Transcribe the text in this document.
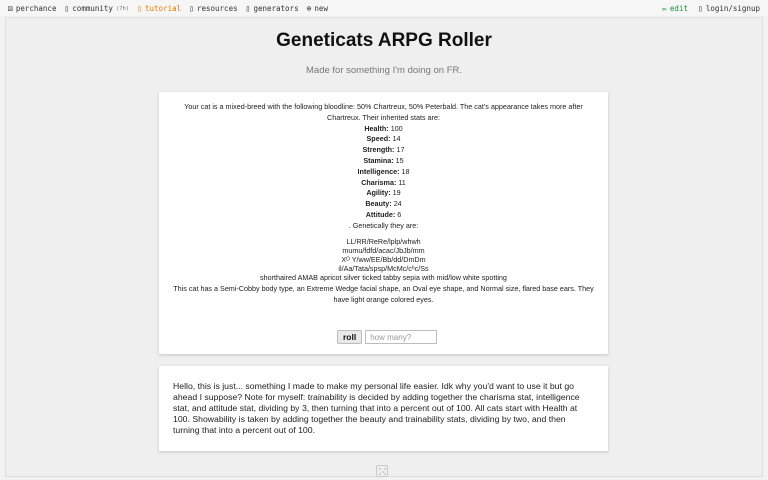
⚄ perchance ▯ community (7h) ▯ tutorial ▯ resources ▯ generators ⊕ new	✏ edit ▯ login/signup
Geneticats ARPG Roller
Made for something I'm doing on FR.

Your cat is a mixed-breed with the following bloodline: 50% Chartreux, 50% Peterbald. The cat's appearance takes more after Chartreux. Their inherited stats are:

Health: 100

Speed: 14

Strength: 17

Stamina: 15

Intelligence: 18

Charisma: 11

Agility: 19

Beauty: 24

Attitude: 6

. Genetically they are:

LL/RR/ReRe/lplp/whwh

mumu/fdfd/acac/JbJb/mm

Xᴼ Y/ww/EE/Bb/dd/DmDm

il/Aa/Tata/spsp/McMc/cʰc/Ss

shorthaired AMAB apricot silver ticked tabby sepia with mid/low white spotting

This cat has a Semi-Cobby body type, an Extreme Wedge facial shape, an Oval eye shape, and Normal size, flared base ears. They have light orange colored eyes.

roll	how many?
Hello, this is just... something I made to make my personal life easier. Idk why you'd want to use it but go ahead I suppose? Note for myself: trainability is decided by adding together the charisma stat, intelligence stat, and attitude stat, dividing by 3, then turning that into a percent out of 100. All cats start with Health at 100. Showability is taken by adding together the beauty and trainability stats, dividing by two, and then turning that into a percent out of 100.
